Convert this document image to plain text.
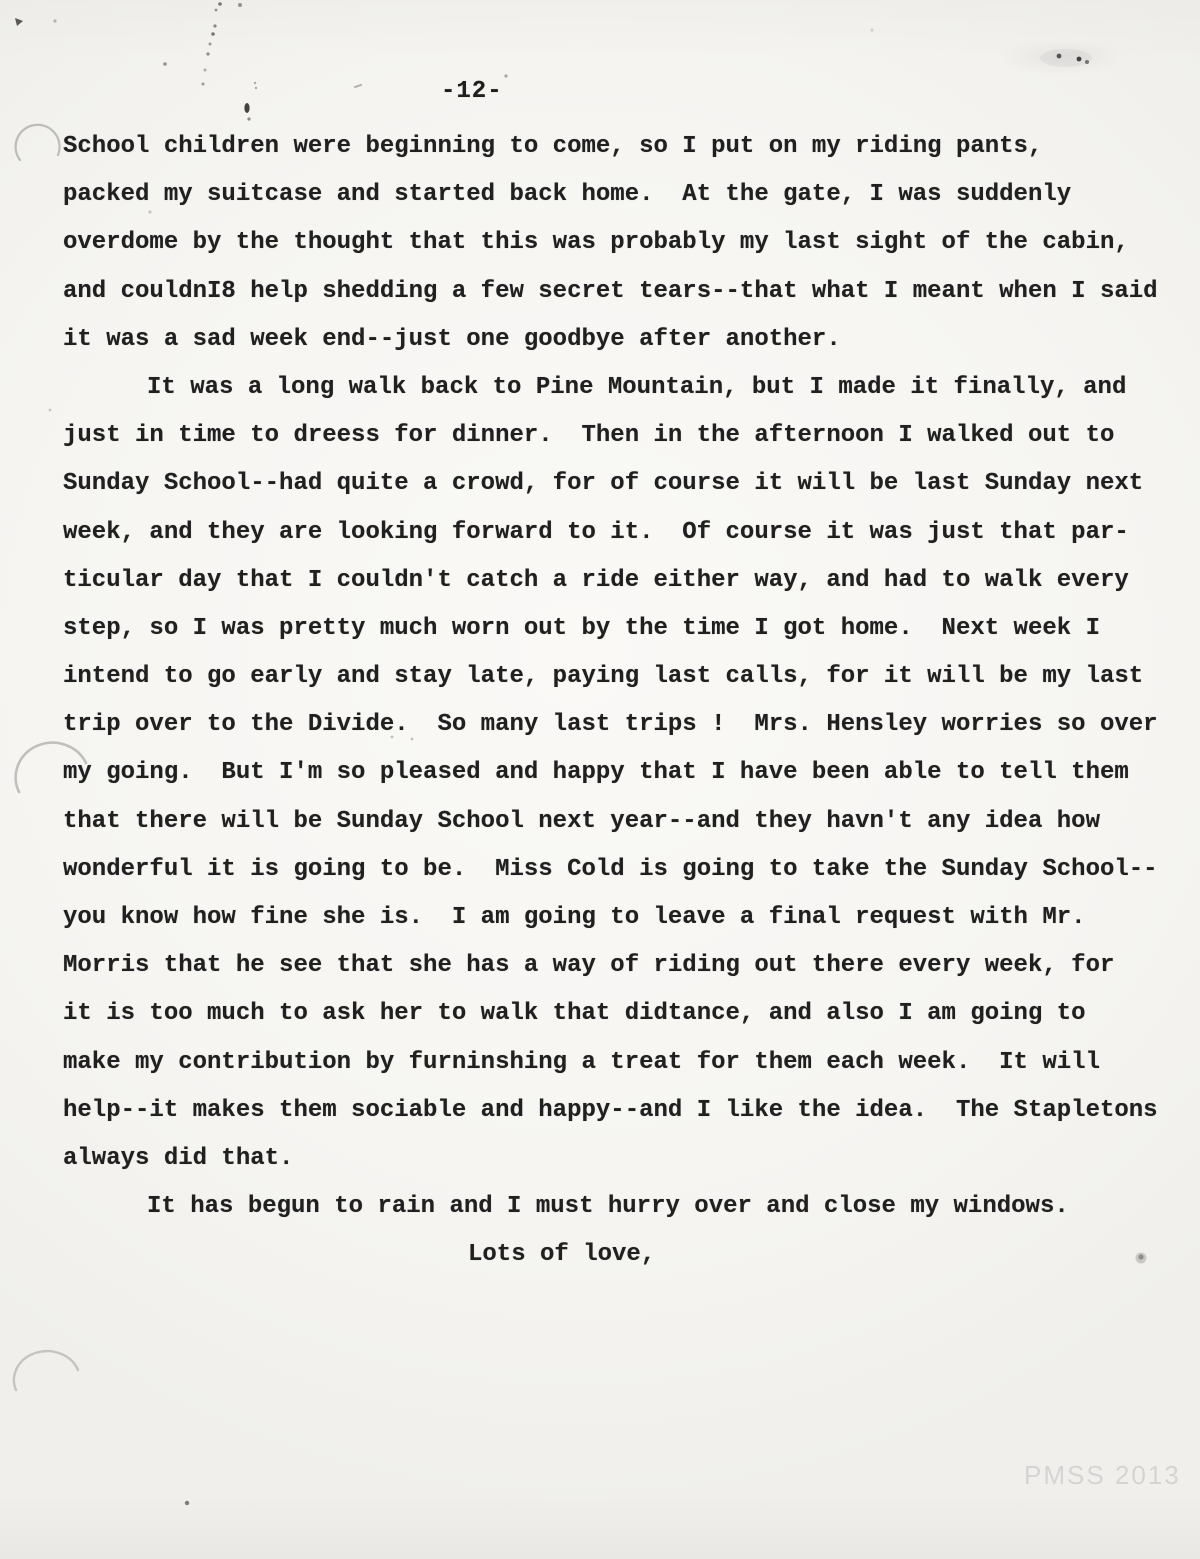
-12-
School children were beginning to come, so I put on my riding pants,
packed my suitcase and started back home.  At the gate, I was suddenly
overdome by the thought that this was probably my last sight of the cabin,
and couldnI8 help shedding a few secret tears--that what I meant when I said
it was a sad week end--just one goodbye after another.
It was a long walk back to Pine Mountain, but I made it finally, and
just in time to dreess for dinner.  Then in the afternoon I walked out to
Sunday School--had quite a crowd, for of course it will be last Sunday next
week, and they are looking forward to it.  Of course it was just that par-
ticular day that I couldn't catch a ride either way, and had to walk every
step, so I was pretty much worn out by the time I got home.  Next week I
intend to go early and stay late, paying last calls, for it will be my last
trip over to the Divide.  So many last trips !  Mrs. Hensley worries so over
my going.  But I'm so pleased and happy that I have been able to tell them
that there will be Sunday School next year--and they havn't any idea how
wonderful it is going to be.  Miss Cold is going to take the Sunday School--
you know how fine she is.  I am going to leave a final request with Mr.
Morris that he see that she has a way of riding out there every week, for
it is too much to ask her to walk that didtance, and also I am going to
make my contribution by furninshing a treat for them each week.  It will
help--it makes them sociable and happy--and I like the idea.  The Stapletons
always did that.
It has begun to rain and I must hurry over and close my windows.
Lots of love,
PMSS 2013
